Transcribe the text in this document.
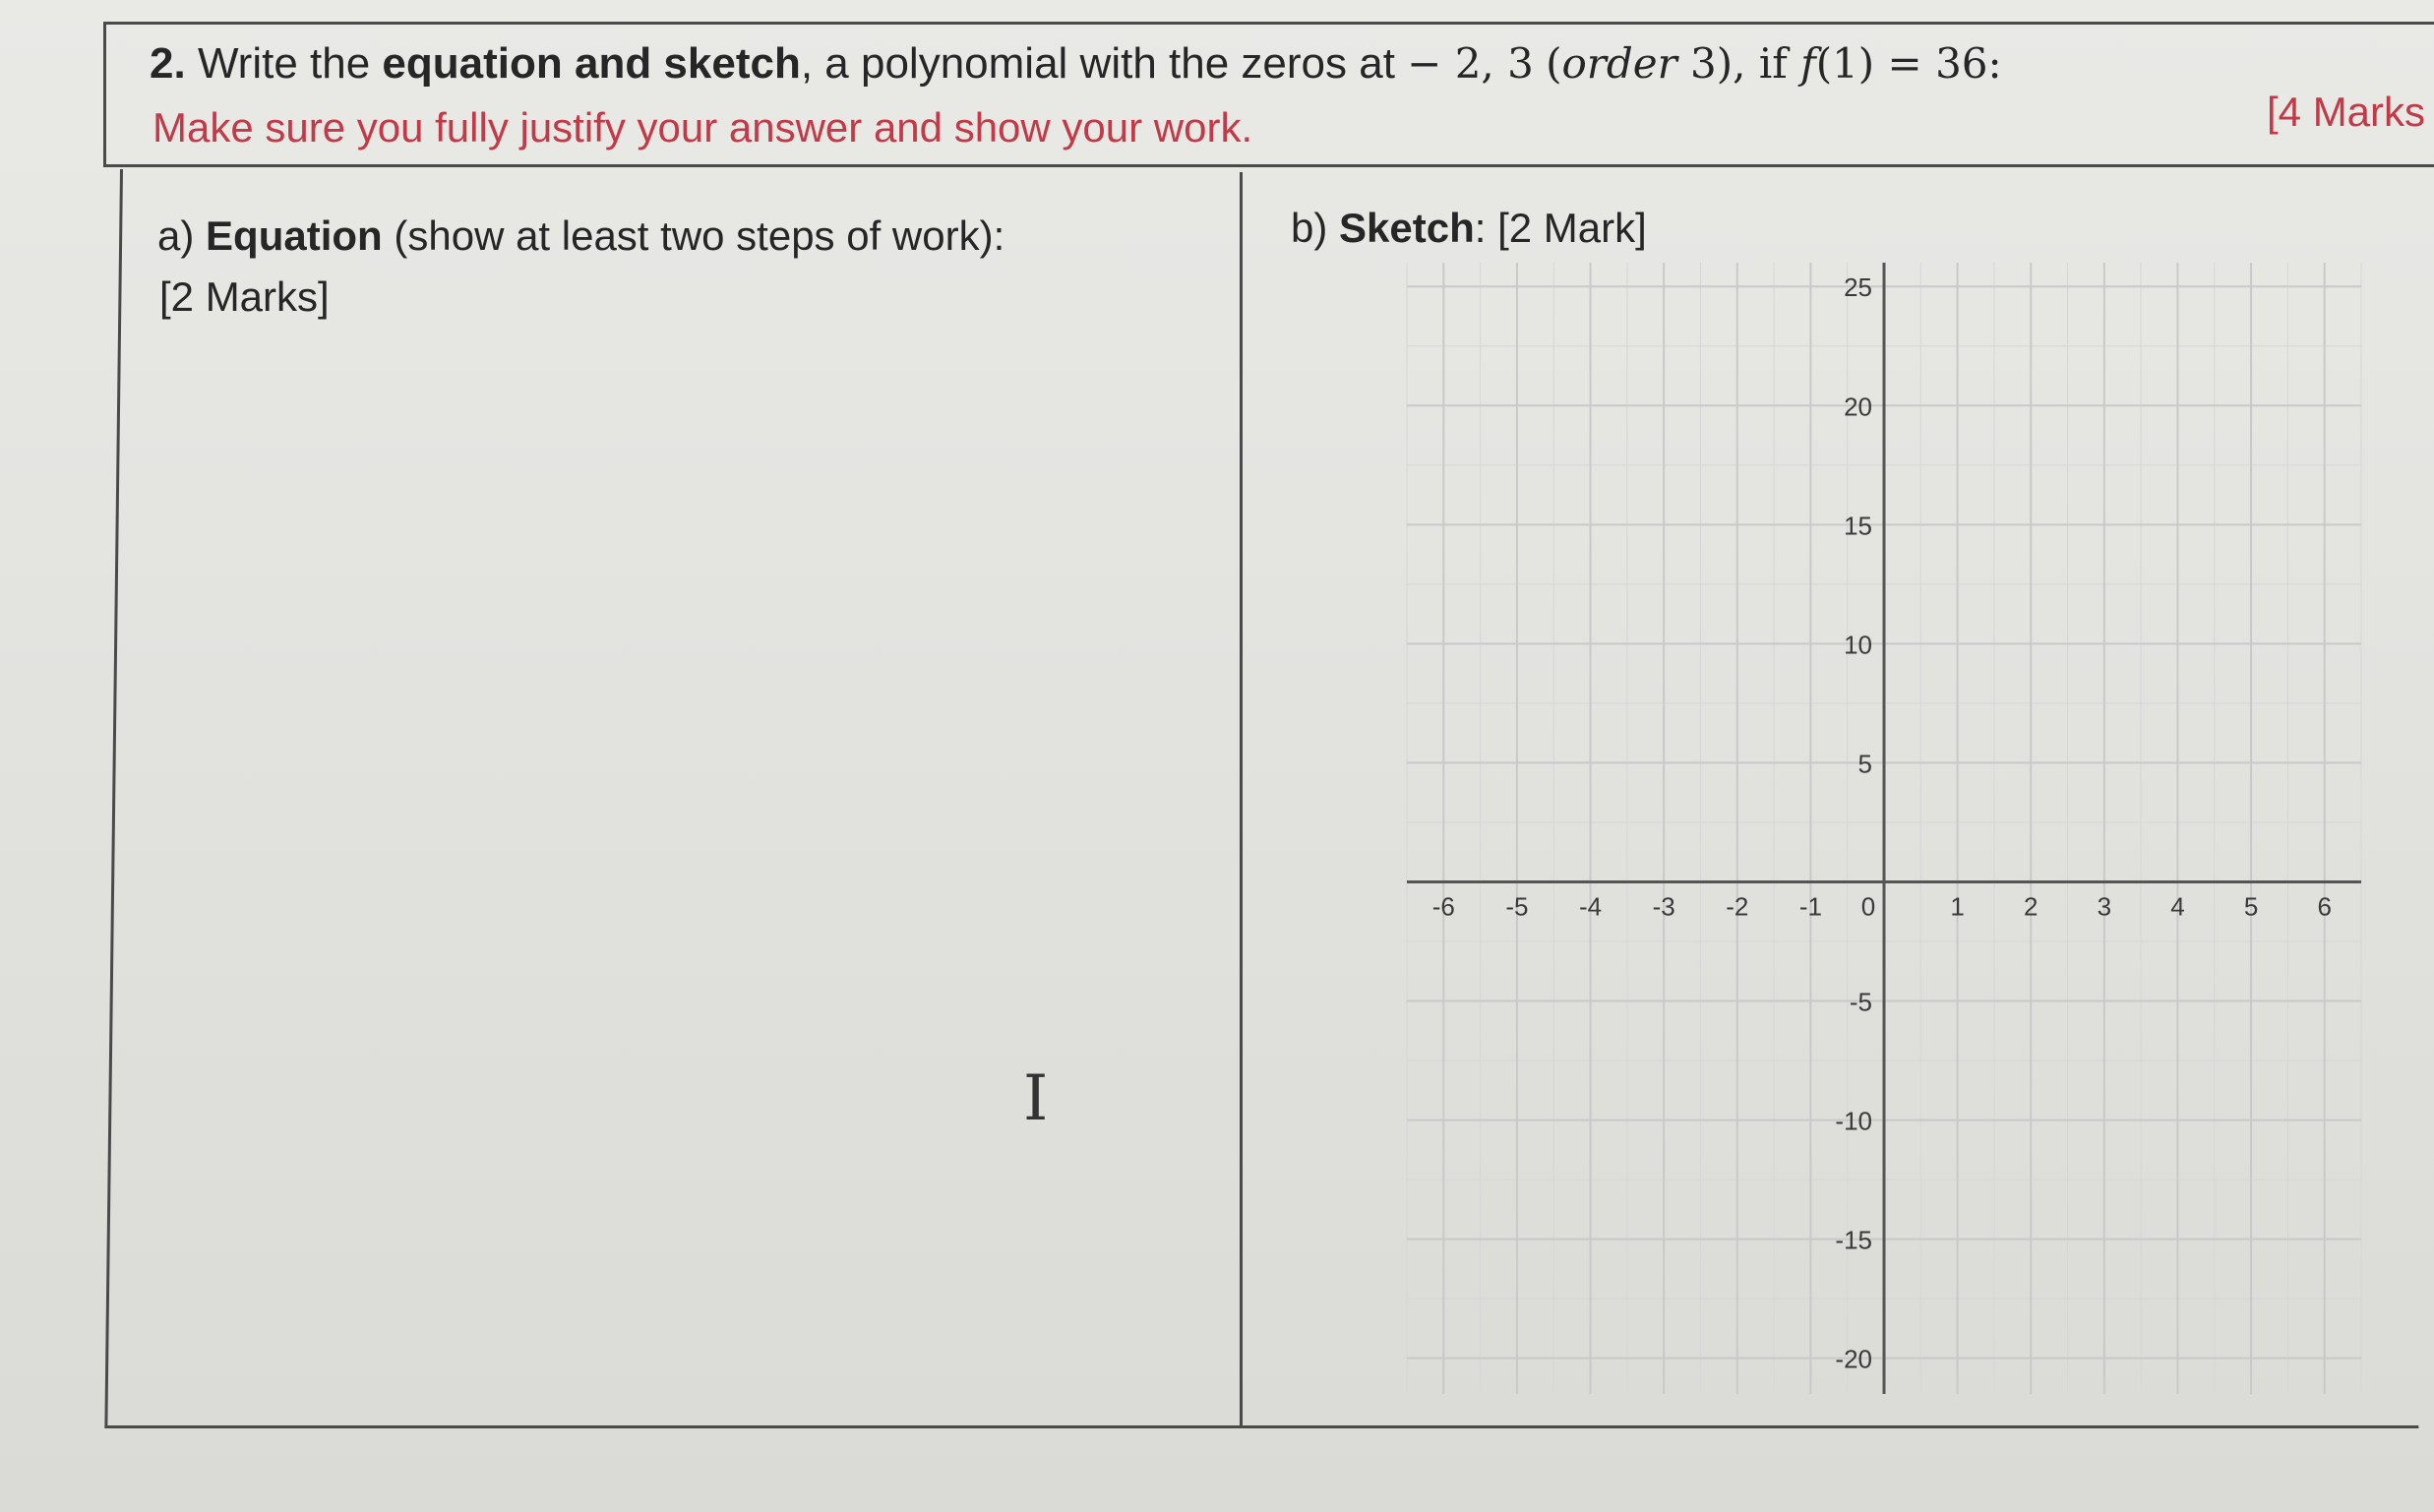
2. Write the equation and sketch, a polynomial with the zeros at − 2, 3 (order 3), if f(1) = 36:
Make sure you fully justify your answer and show your work.	[4 Marks
a) Equation (show at least two steps of work):
[2 Marks]
b) Sketch: [2 Mark]
I
-6 -5 -4 -3 -2 -1 0	1 2 3 4 5 6
25
20
15
10
5
-5
-10
-15
-20
